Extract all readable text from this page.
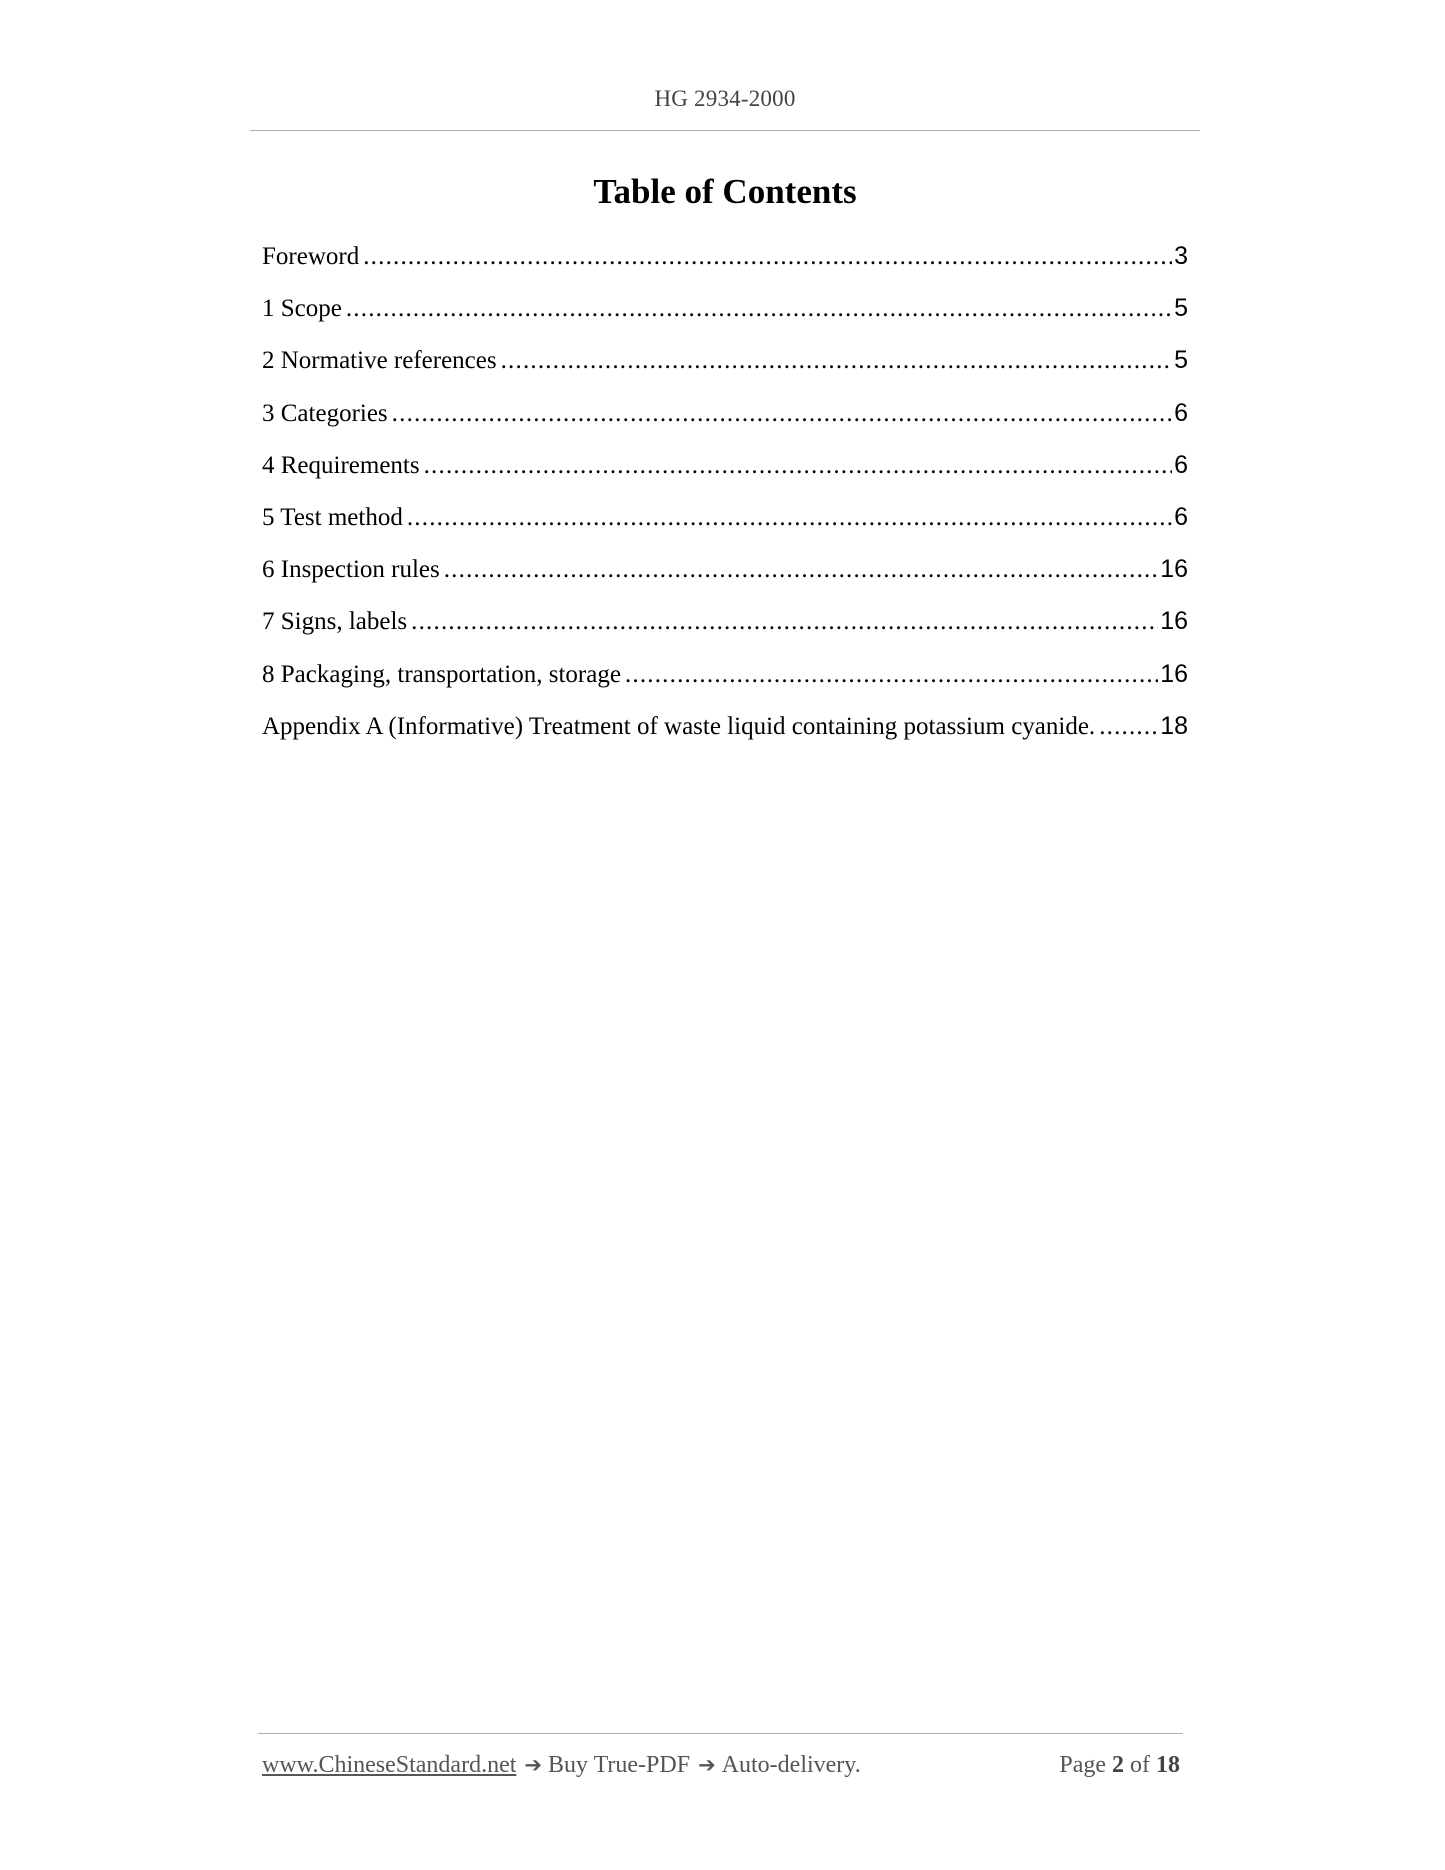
HG 2934-2000
Table of Contents
Foreword .....	3
1 Scope .....	5
2 Normative references .....	5
3 Categories .....	6
4 Requirements .....	6
5 Test method .....	6
6 Inspection rules .....	16
7 Signs, labels .....	16
8 Packaging, transportation, storage .....	16
Appendix A (Informative) Treatment of waste liquid containing potassium cyanide. .....	18
www.ChineseStandard.net ➔ Buy True-PDF ➔ Auto-delivery.	Page 2 of 18
